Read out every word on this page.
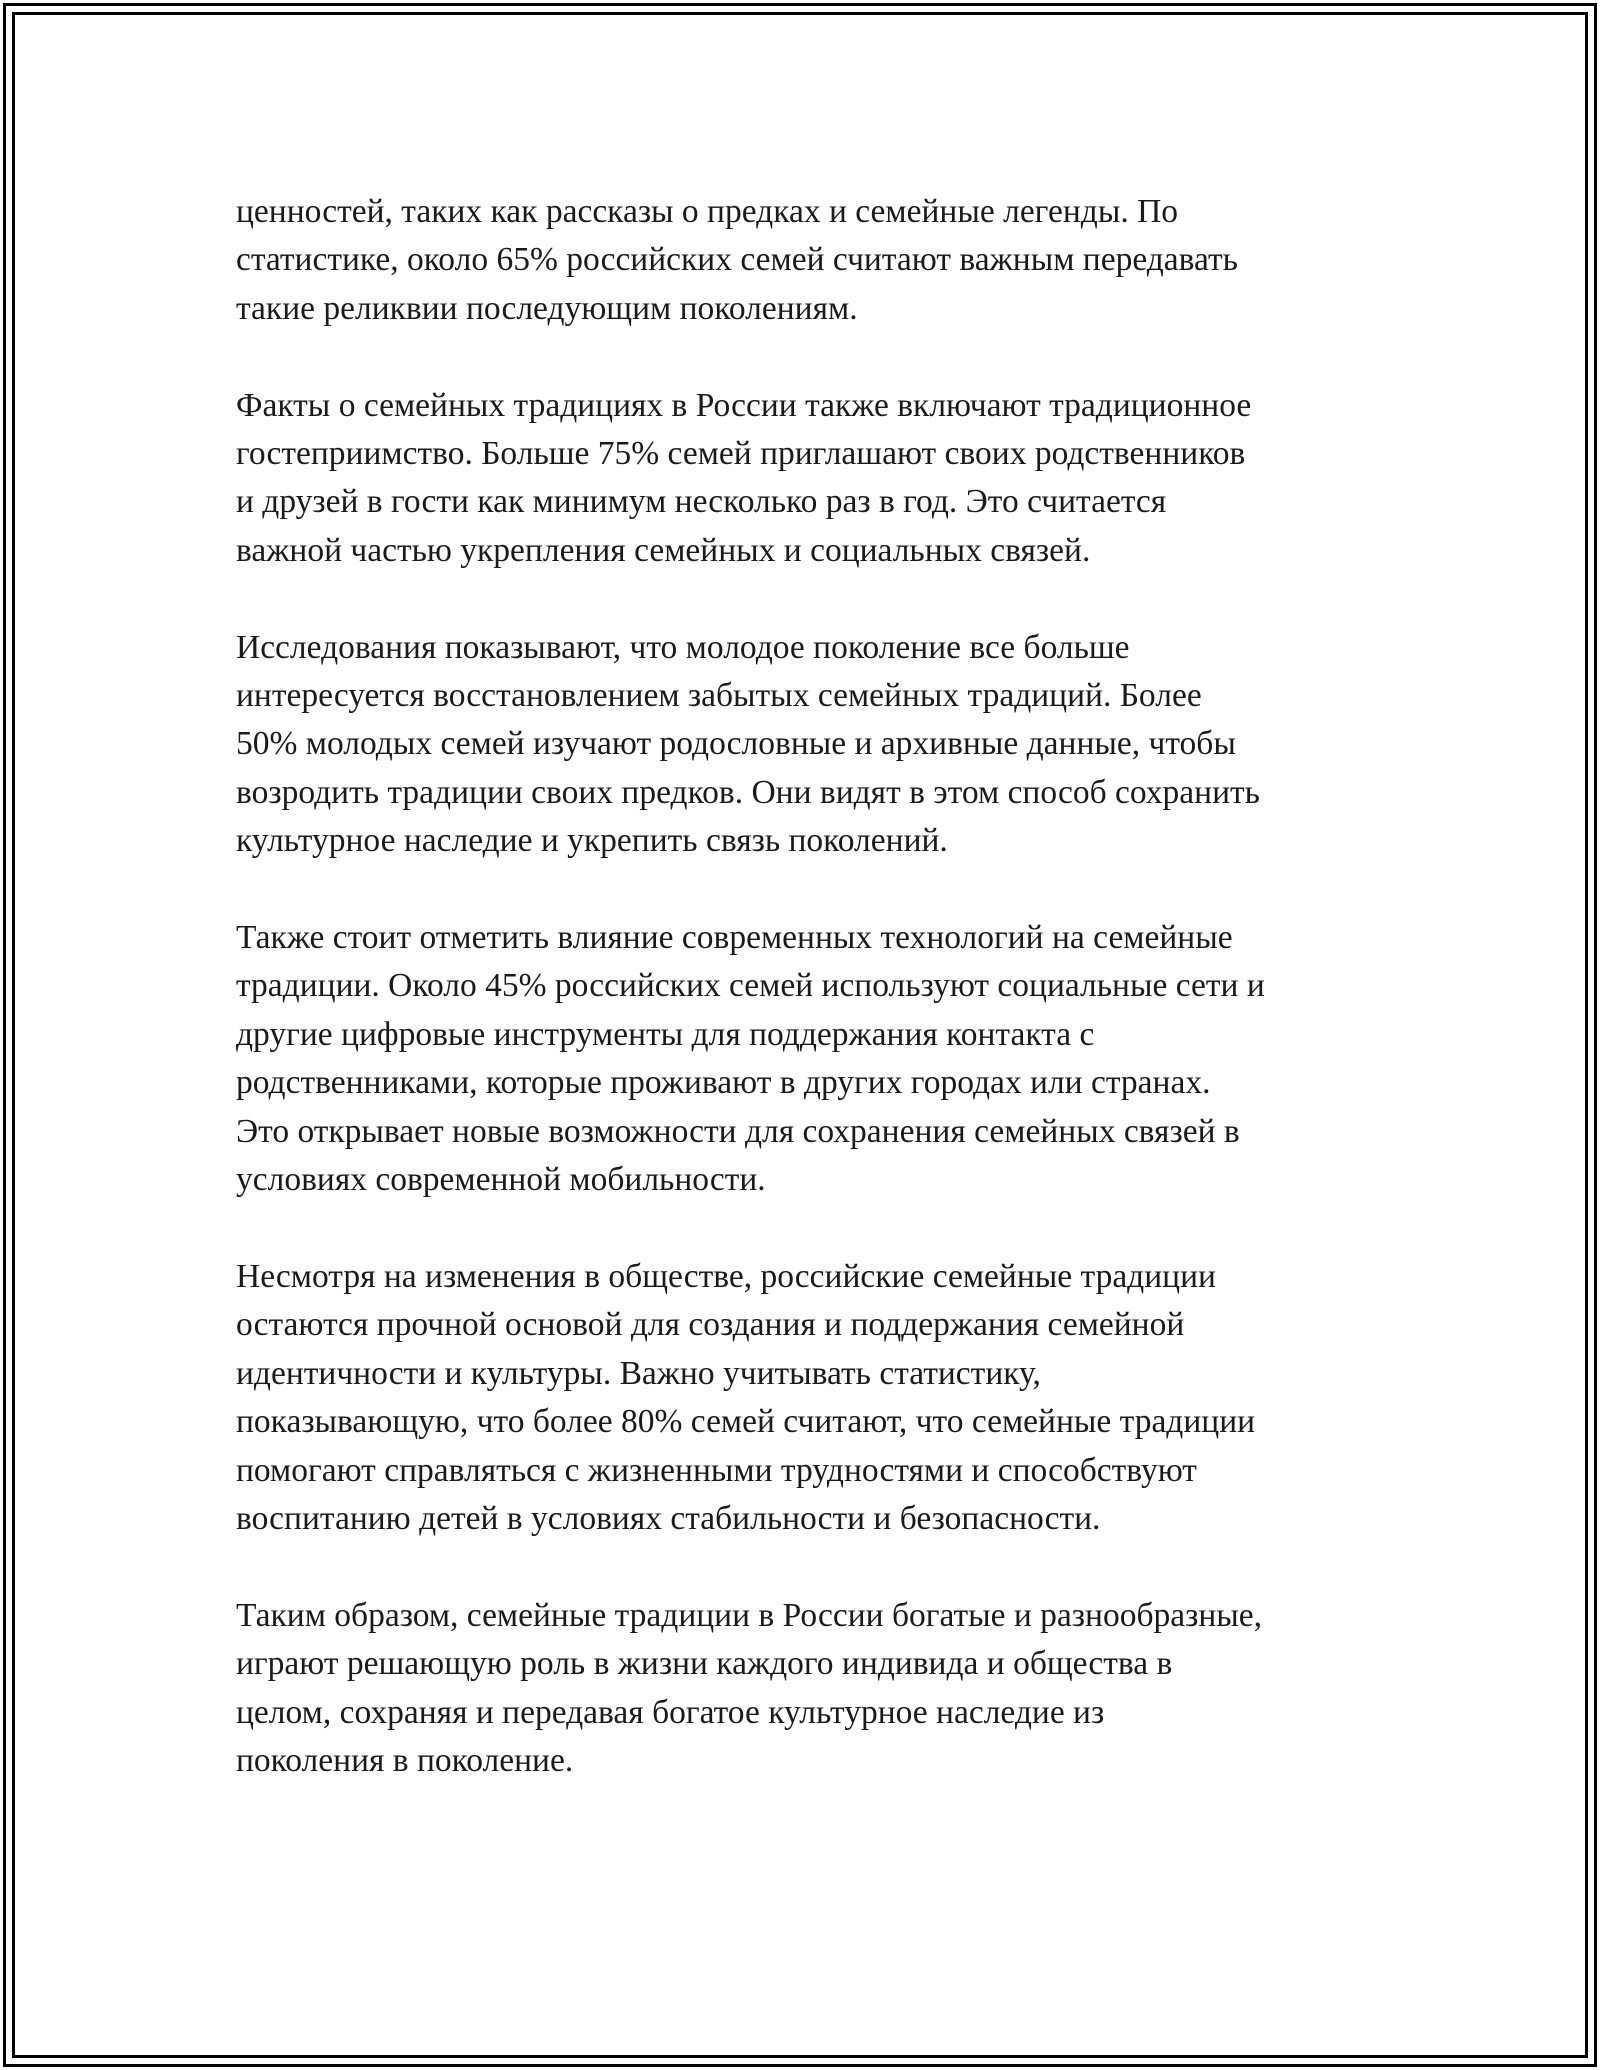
ценностей, таких как рассказы о предках и семейные легенды. По
статистике, около 65% российских семей считают важным передавать
такие реликвии последующим поколениям.

Факты о семейных традициях в России также включают традиционное
гостеприимство. Больше 75% семей приглашают своих родственников
и друзей в гости как минимум несколько раз в год. Это считается
важной частью укрепления семейных и социальных связей.

Исследования показывают, что молодое поколение все больше
интересуется восстановлением забытых семейных традиций. Более
50% молодых семей изучают родословные и архивные данные, чтобы
возродить традиции своих предков. Они видят в этом способ сохранить
культурное наследие и укрепить связь поколений.

Также стоит отметить влияние современных технологий на семейные
традиции. Около 45% российских семей используют социальные сети и
другие цифровые инструменты для поддержания контакта с
родственниками, которые проживают в других городах или странах.
Это открывает новые возможности для сохранения семейных связей в
условиях современной мобильности.

Несмотря на изменения в обществе, российские семейные традиции
остаются прочной основой для создания и поддержания семейной
идентичности и культуры. Важно учитывать статистику,
показывающую, что более 80% семей считают, что семейные традиции
помогают справляться с жизненными трудностями и способствуют
воспитанию детей в условиях стабильности и безопасности.

Таким образом, семейные традиции в России богатые и разнообразные,
играют решающую роль в жизни каждого индивида и общества в
целом, сохраняя и передавая богатое культурное наследие из
поколения в поколение.
